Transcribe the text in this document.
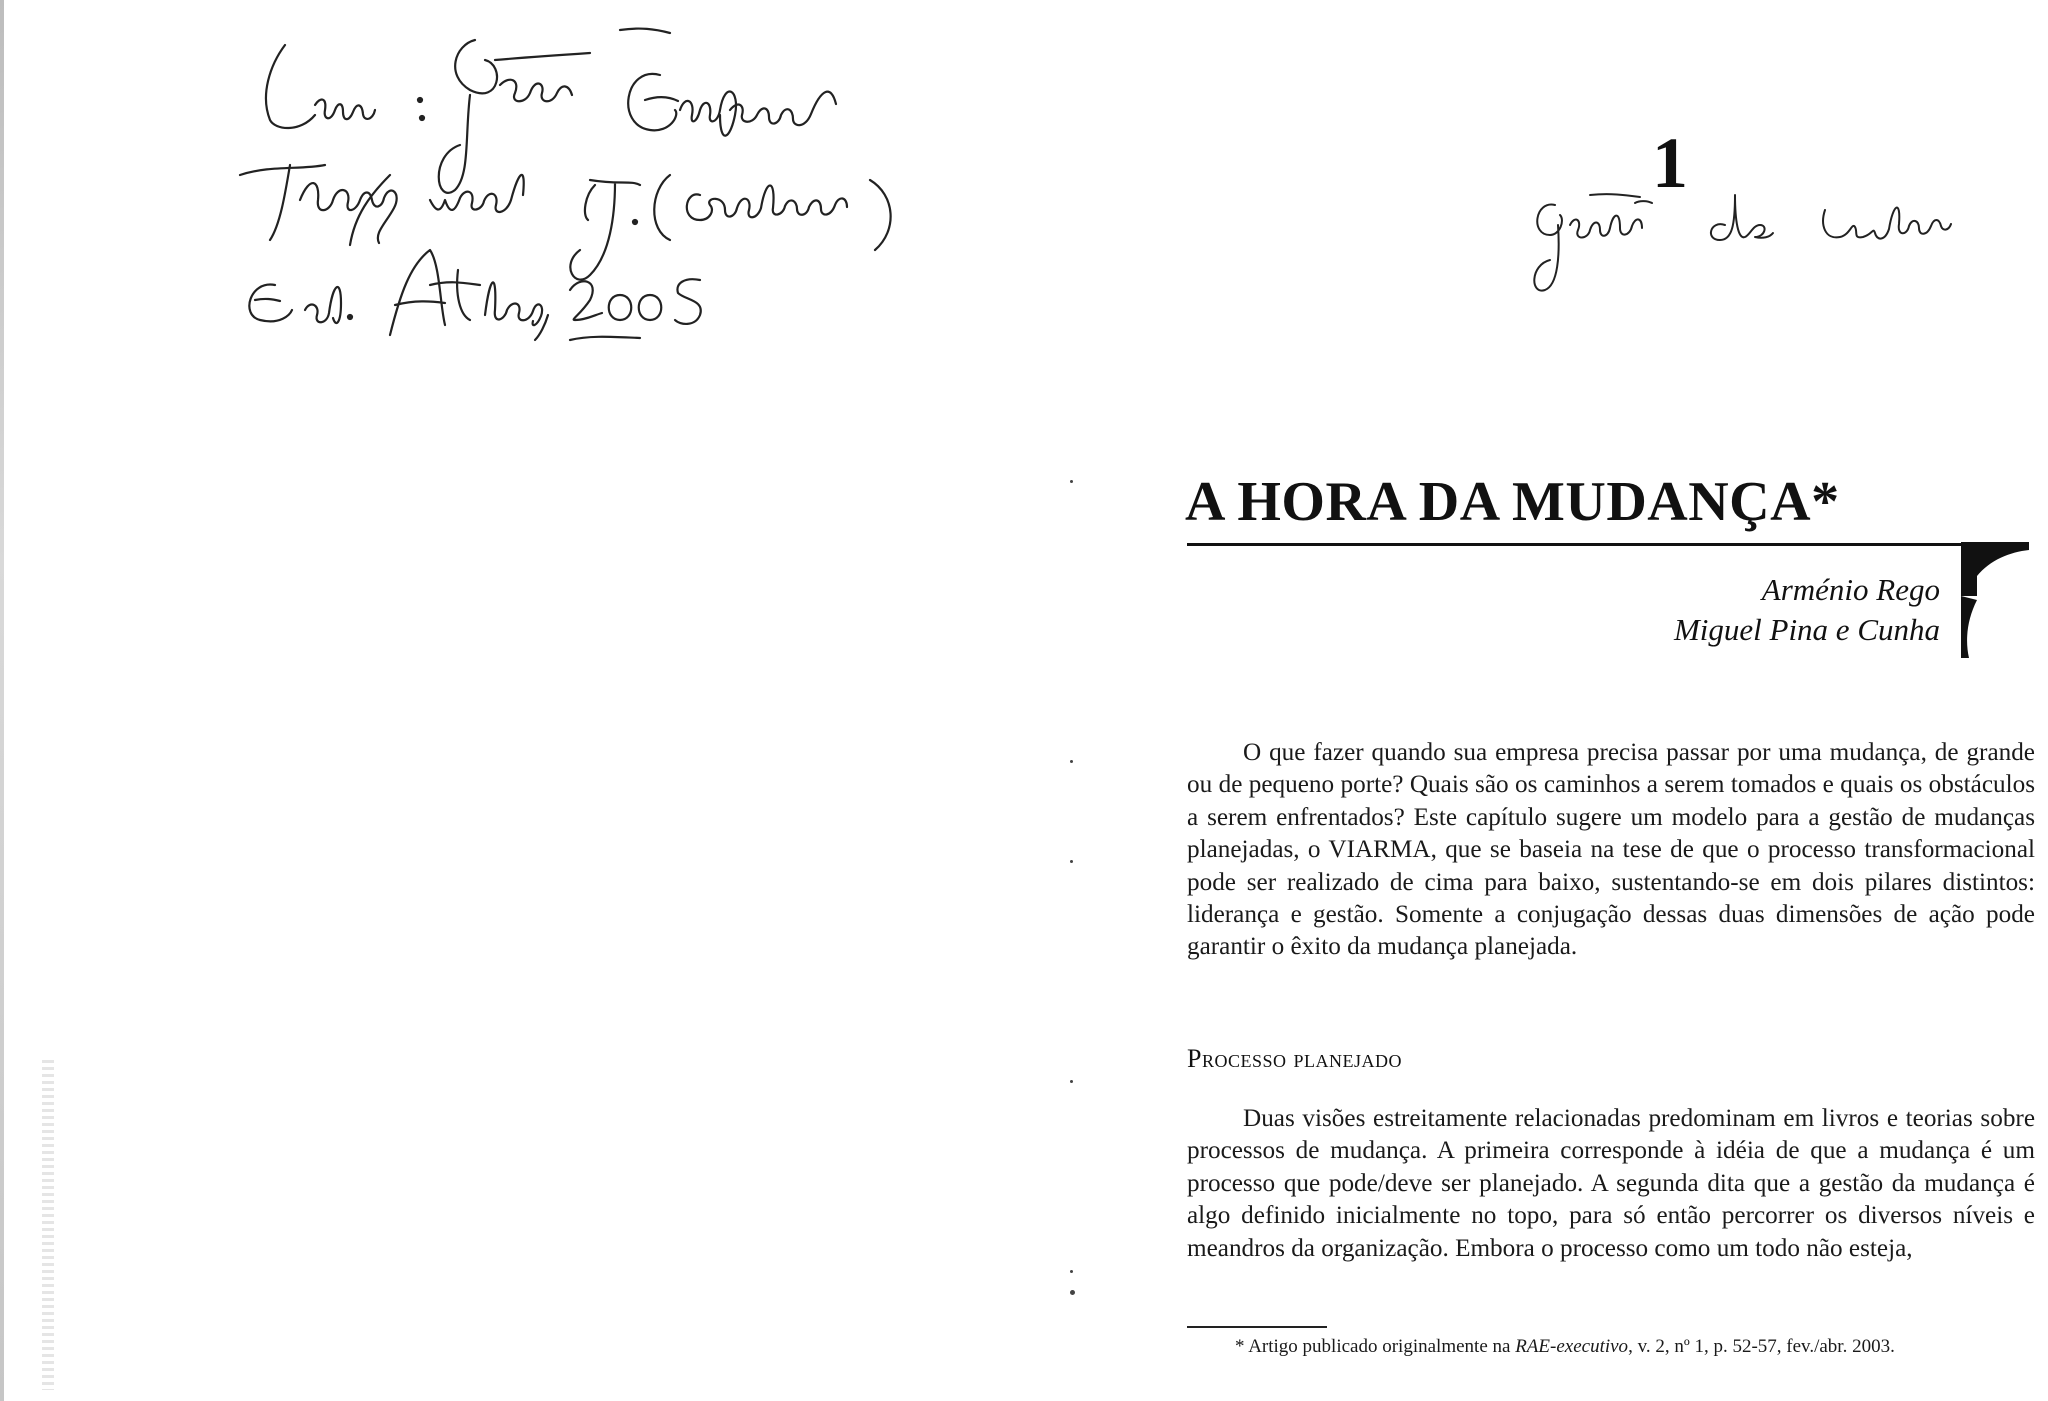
1
A HORA DA MUDANÇA*
Arménio Rego
Miguel Pina e Cunha

O que fazer quando sua empresa precisa passar por uma mudança, de grande ou de pequeno porte? Quais são os caminhos a serem tomados e quais os obstáculos a serem enfrentados? Este capítulo sugere um modelo para a gestão de mudanças planejadas, o VIARMA, que se baseia na tese de que o processo transformacional pode ser realizado de cima para baixo, sustentando-se em dois pilares distintos: liderança e gestão. Somente a conjugação dessas duas dimensões de ação pode garantir o êxito da mudança planejada.

Processo planejado

Duas visões estreitamente relacionadas predominam em livros e teorias sobre processos de mudança. A primeira corresponde à idéia de que a mudança é um processo que pode/deve ser planejado. A segunda dita que a gestão da mudança é algo definido inicialmente no topo, para só então percorrer os diversos níveis e meandros da organização. Embora o processo como um todo não esteja,

* Artigo publicado originalmente na RAE-executivo, v. 2, nº 1, p. 52-57, fev./abr. 2003.
